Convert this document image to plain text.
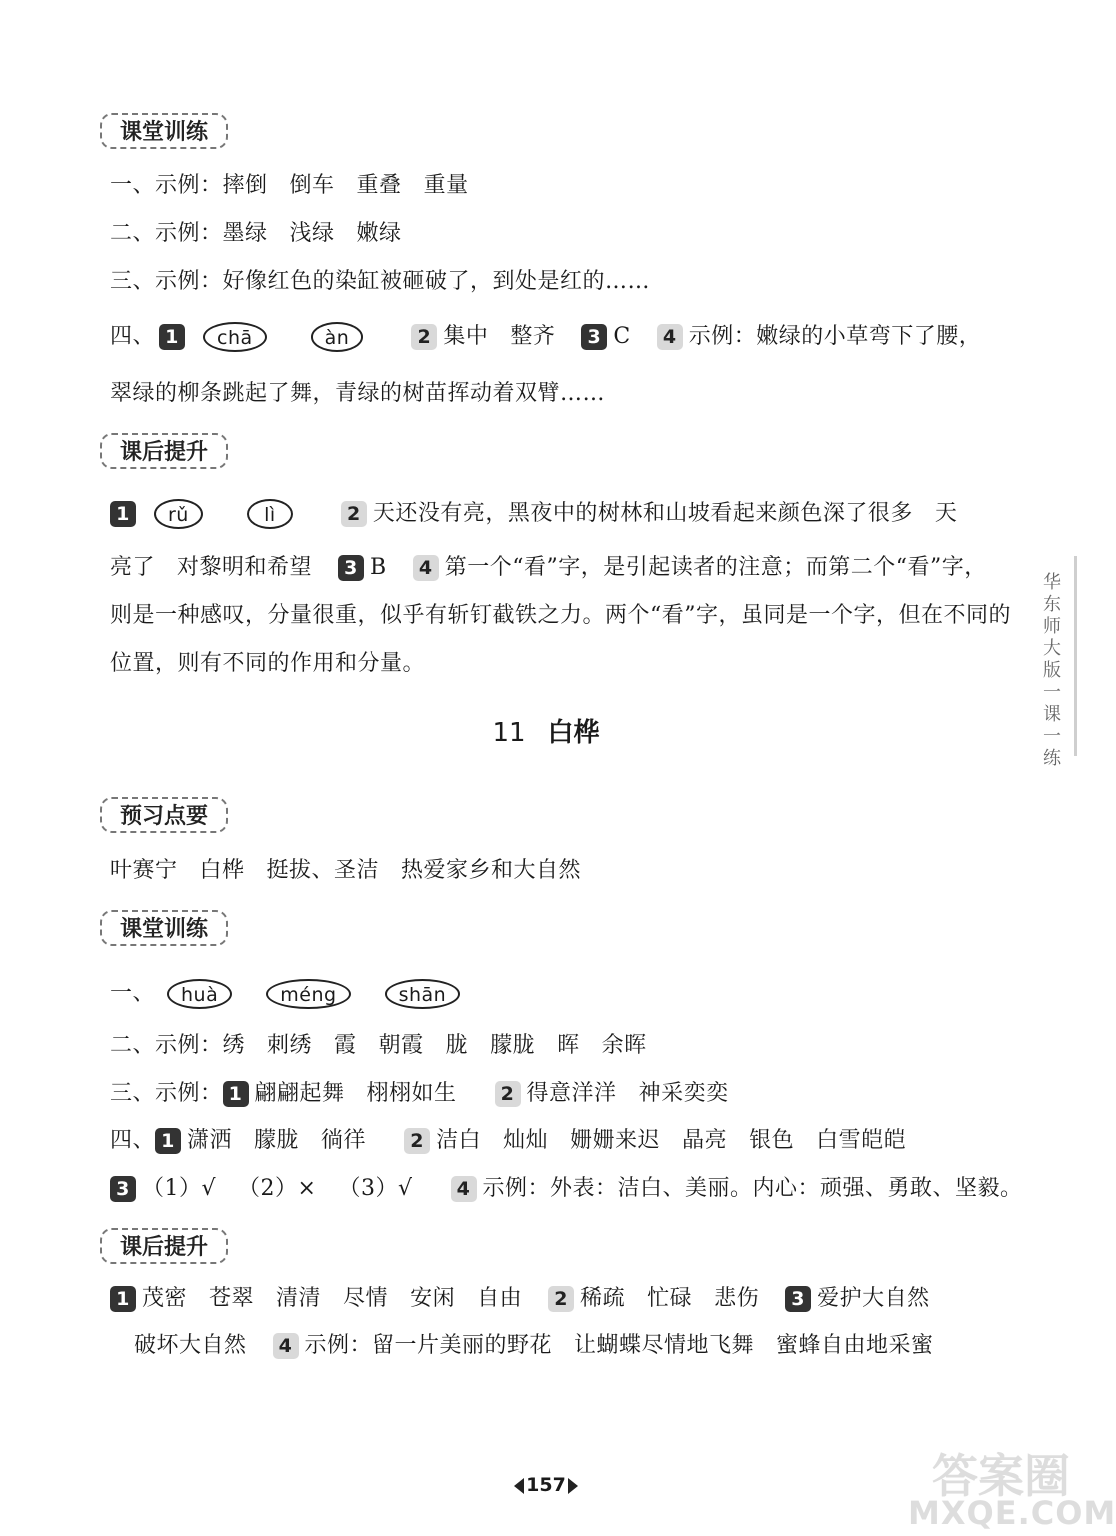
课堂训练
一、示例：摔倒 倒车 重叠 重量
二、示例：墨绿 浅绿 嫩绿
三、示例：好像红色的染缸被砸破了，到处是红的……
四、 1 chā	àn	2 集中 整齐 3 C 4 示例：嫩绿的小草弯下了腰，
翠绿的柳条跳起了舞，青绿的树苗挥动着双臂……
课后提升
1 rǔ	lì	2 天还没有亮，黑夜中的树林和山坡看起来颜色深了很多 天
亮了 对黎明和希望 3 B 4 第一个“看”字，是引起读者的注意；而第二个“看”字，
则是一种感叹，分量很重，似乎有斩钉截铁之力。两个“看”字，虽同是一个字，但在不同的
位置，则有不同的作用和分量。
11 白桦
预习点要
叶赛宁 白桦 挺拔、圣洁 热爱家乡和大自然
课堂训练
一、 huà	méng	shān
二、示例：绣 刺绣 霞 朝霞 胧 朦胧 晖 余晖
三、示例： 1 翩翩起舞 栩栩如生 2 得意洋洋 神采奕奕
四、 1 潇洒 朦胧 徜徉 2 洁白 灿灿 姗姗来迟 晶亮 银色 白雪皑皑
3 （1）√ （2）× （3）√ 4 示例：外表：洁白、美丽。内心：顽强、勇敢、坚毅。
课后提升
1 茂密 苍翠 清清 尽情 安闲 自由 2 稀疏 忙碌 悲伤 3 爱护大自然
破坏大自然 4 示例：留一片美丽的野花 让蝴蝶尽情地飞舞 蜜蜂自由地采蜜
华东师大版一课一练
157	答案圈
MXQE.COM
